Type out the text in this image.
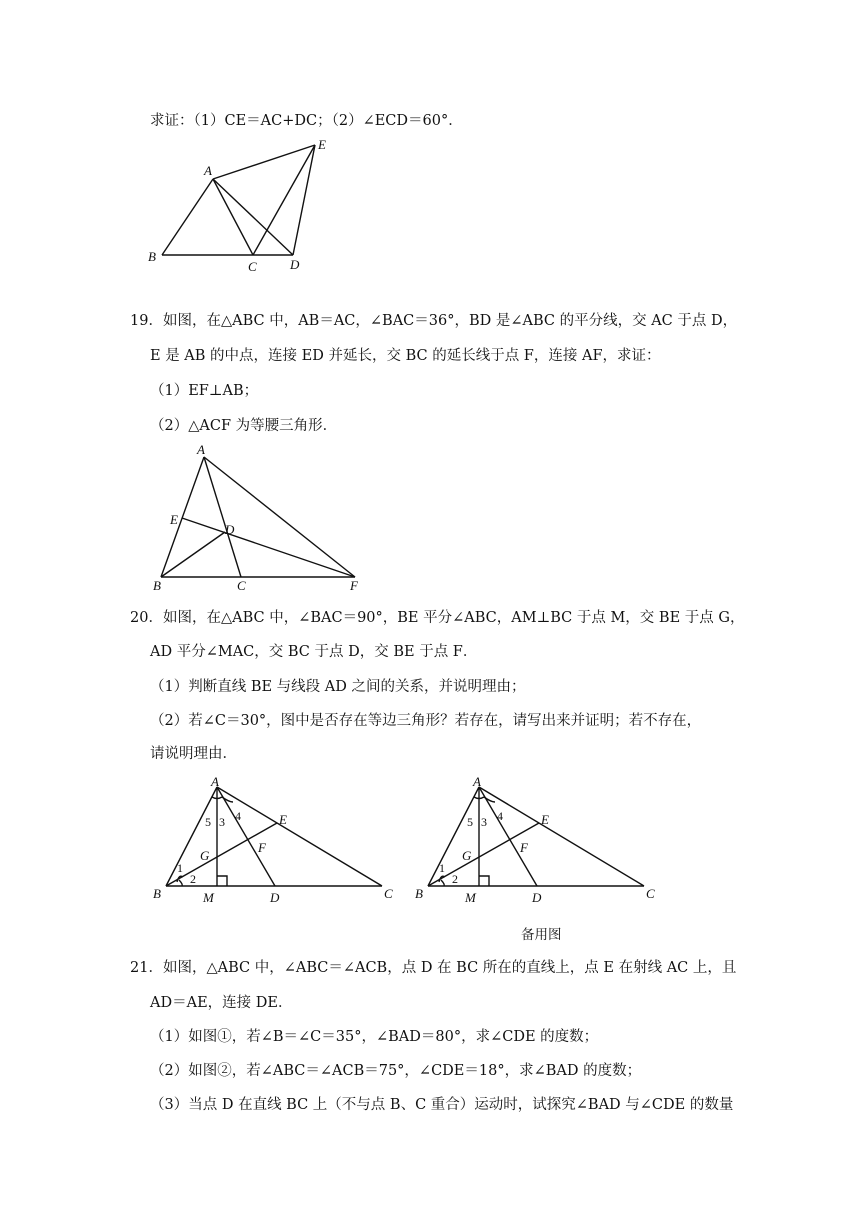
求证：（1）CE＝AC+DC；（2）∠ECD＝60°．
A
B
C	D
E
19．如图，在△ABC 中，AB＝AC，∠BAC＝36°，BD 是∠ABC 的平分线，交 AC 于点 D，
E 是 AB 的中点，连接 ED 并延长，交 BC 的延长线于点 F，连接 AF，求证：
（1）EF⊥AB；
（2）△ACF 为等腰三角形．
A
B	C
D
E
F
20．如图，在△ABC 中，∠BAC＝90°，BE 平分∠ABC，AM⊥BC 于点 M，交 BE 于点 G，
AD 平分∠MAC，交 BC 于点 D，交 BE 于点 F．
（1）判断直线 BE 与线段 AD 之间的关系，并说明理由；
（2）若∠C＝30°，图中是否存在等边三角形？若存在，请写出来并证明；若不存在，
请说明理由．
A
B	M	D	C
E
F
G
1
2
3 4
5
A
B	M	D	C
E
F
G
1
2
3 4
5
备用图
21．如图，△ABC 中，∠ABC＝∠ACB，点 D 在 BC 所在的直线上，点 E 在射线 AC 上，且
AD＝AE，连接 DE．
（1）如图①，若∠B＝∠C＝35°，∠BAD＝80°，求∠CDE 的度数；
（2）如图②，若∠ABC＝∠ACB＝75°，∠CDE＝18°，求∠BAD 的度数；
（3）当点 D 在直线 BC 上（不与点 B、C 重合）运动时，试探究∠BAD 与∠CDE 的数量
